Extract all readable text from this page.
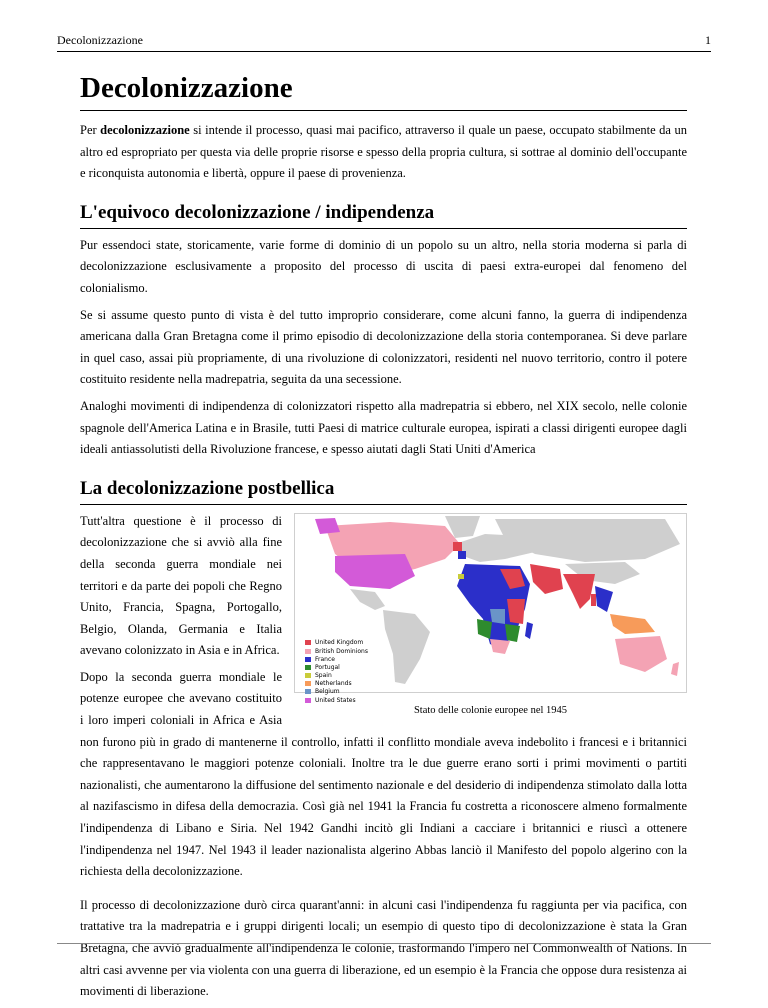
Decolonizzazione	1
Decolonizzazione

Per decolonizzazione si intende il processo, quasi mai pacifico, attraverso il quale un paese, occupato stabilmente da un altro ed espropriato per questa via delle proprie risorse e spesso della propria cultura, si sottrae al dominio dell'occupante e riconquista autonomia e libertà, oppure il paese di provenienza.

L'equivoco decolonizzazione / indipendenza

Pur essendoci state, storicamente, varie forme di dominio di un popolo su un altro, nella storia moderna si parla di decolonizzazione esclusivamente a proposito del processo di uscita di paesi extra-europei dal fenomeno del colonialismo.

Se si assume questo punto di vista è del tutto improprio considerare, come alcuni fanno, la guerra di indipendenza americana dalla Gran Bretagna come il primo episodio di decolonizzazione della storia contemporanea. Si deve parlare in quel caso, assai più propriamente, di una rivoluzione di colonizzatori, residenti nel nuovo territorio, contro il potere costituito residente nella madrepatria, seguita da una secessione.

Analoghi movimenti di indipendenza di colonizzatori rispetto alla madrepatria si ebbero, nel XIX secolo, nelle colonie spagnole dell'America Latina e in Brasile, tutti Paesi di matrice culturale europea, ispirati a classi dirigenti europee dagli ideali antiassolutisti della Rivoluzione francese, e spesso aiutati dagli Stati Uniti d'America

La decolonizzazione postbellica
United Kingdom
British Dominions
France
Portugal
Spain
Netherlands
Belgium
United States
Stato delle colonie europee nel 1945

Tutt'altra questione è il processo di decolonizzazione che si avviò alla fine della seconda guerra mondiale nei territori e da parte dei popoli che Regno Unito, Francia, Spagna, Portogallo, Belgio, Olanda, Germania e Italia avevano colonizzato in Asia e in Africa.

Dopo la seconda guerra mondiale le potenze europee che avevano costituito i loro imperi coloniali in Africa e Asia non furono più in grado di mantenerne il controllo, infatti il conflitto mondiale aveva indebolito i francesi e i britannici che rappresentavano le maggiori potenze coloniali. Inoltre tra le due guerre erano sorti i primi movimenti o partiti nazionalisti, che aumentarono la diffusione del sentimento nazionale e del desiderio di indipendenza stimolato dalla lotta al nazifascismo in difesa della democrazia. Così già nel 1941 la Francia fu costretta a riconoscere almeno formalmente l'indipendenza di Libano e Siria. Nel 1942 Gandhi incitò gli Indiani a cacciare i britannici e riuscì a ottenere l'indipendenza nel 1947. Nel 1943 il leader nazionalista algerino Abbas lanciò il Manifesto del popolo algerino con la richiesta della decolonizzazione.

Il processo di decolonizzazione durò circa quarant'anni: in alcuni casi l'indipendenza fu raggiunta per via pacifica, con trattative tra la madrepatria e i gruppi dirigenti locali; un esempio di questo tipo di decolonizzazione è stata la Gran Bretagna, che avviò gradualmente all'indipendenza le colonie, trasformando l'impero nel Commonwealth of Nations. In altri casi avvenne per via violenta con una guerra di liberazione, ed un esempio è la Francia che oppose dura resistenza ai movimenti di liberazione.
